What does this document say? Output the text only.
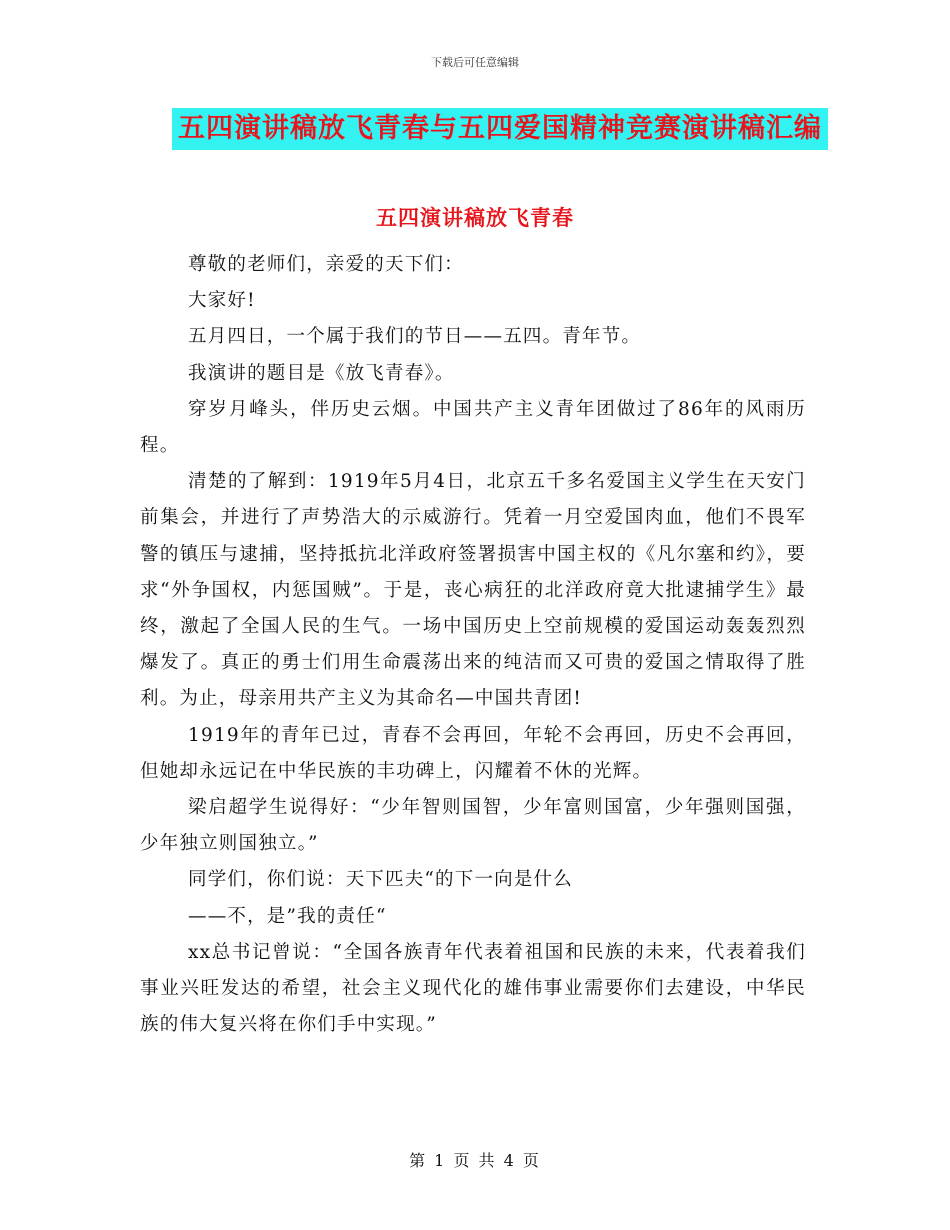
下载后可任意编辑
五四演讲稿放飞青春与五四爱国精神竞赛演讲稿汇编
五四演讲稿放飞青春

尊敬的老师们，亲爱的天下们：

大家好!

五月四日，一个属于我们的节日——五四。青年节。

我演讲的题目是《放飞青春》。

穿岁月峰头，伴历史云烟。中国共产主义青年团做过了86年的风雨历程。

清楚的了解到：1919年5月4日，北京五千多名爱国主义学生在天安门前集会，并进行了声势浩大的示威游行。凭着一月空爱国肉血，他们不畏军警的镇压与逮捕，坚持抵抗北洋政府签署损害中国主权的《凡尔塞和约》，要求“外争国权，内惩国贼”。于是，丧心病狂的北洋政府竟大批逮捕学生》最终，激起了全国人民的生气。一场中国历史上空前规模的爱国运动轰轰烈烈爆发了。真正的勇士们用生命震荡出来的纯洁而又可贵的爱国之情取得了胜利。为止，母亲用共产主义为其命名—中国共青团!

1919年的青年已过，青春不会再回，年轮不会再回，历史不会再回，但她却永远记在中华民族的丰功碑上，闪耀着不休的光辉。

梁启超学生说得好：“少年智则国智，少年富则国富，少年强则国强，少年独立则国独立。”

同学们，你们说：天下匹夫“的下一向是什么

——不，是”我的责任“

xx总书记曾说：“全国各族青年代表着祖国和民族的未来，代表着我们事业兴旺发达的希望，社会主义现代化的雄伟事业需要你们去建设，中华民族的伟大复兴将在你们手中实现。”

第 1 页 共 4 页
